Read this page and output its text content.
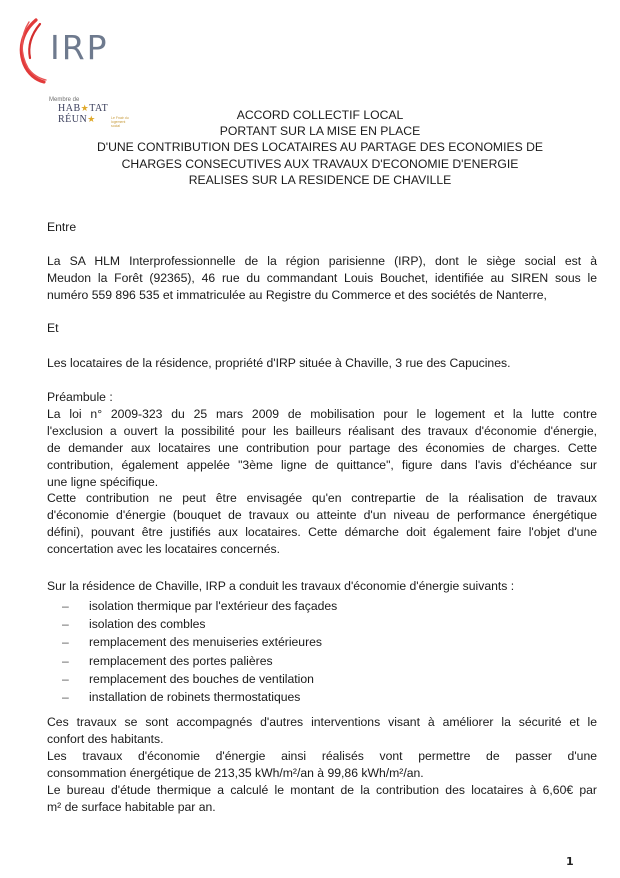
IRP
Membre de
HAB★TAT
RÉUN★	Le Fnair du logement social
ACCORD COLLECTIF LOCAL
PORTANT SUR LA MISE EN PLACE
D'UNE CONTRIBUTION DES LOCATAIRES AU PARTAGE DES ECONOMIES DE
CHARGES CONSECUTIVES AUX TRAVAUX D'ECONOMIE D'ENERGIE
REALISES SUR LA RESIDENCE DE CHAVILLE
Entre
La SA HLM Interprofessionnelle de la région parisienne (IRP), dont le siège social est à
Meudon la Forêt (92365), 46 rue du commandant Louis Bouchet, identifiée au SIREN sous le
numéro 559 896 535 et immatriculée au Registre du Commerce et des sociétés de Nanterre,
Et
Les locataires de la résidence, propriété d'IRP située à Chaville, 3 rue des Capucines.
Préambule :
La loi n° 2009-323 du 25 mars 2009 de mobilisation pour le logement et la lutte contre
l'exclusion a ouvert la possibilité pour les bailleurs réalisant des travaux d'économie d'énergie,
de demander aux locataires une contribution pour partage des économies de charges. Cette
contribution, également appelée "3ème ligne de quittance", figure dans l'avis d'échéance sur
une ligne spécifique.
Cette contribution ne peut être envisagée qu'en contrepartie de la réalisation de travaux
d'économie d'énergie (bouquet de travaux ou atteinte d'un niveau de performance énergétique
défini), pouvant être justifiés aux locataires. Cette démarche doit également faire l'objet d'une
concertation avec les locataires concernés.
Sur la résidence de Chaville, IRP a conduit les travaux d'économie d'énergie suivants :
–	isolation thermique par l'extérieur des façades
–	isolation des combles
–	remplacement des menuiseries extérieures
–	remplacement des portes palières
–	remplacement des bouches de ventilation
–	installation de robinets thermostatiques
Ces travaux se sont accompagnés d'autres interventions visant à améliorer la sécurité et le
confort des habitants.
Les travaux d'économie d'énergie ainsi réalisés vont permettre de passer d'une
consommation énergétique de 213,35 kWh/m²/an à 99,86 kWh/m²/an.
Le bureau d'étude thermique a calculé le montant de la contribution des locataires à 6,60€ par
m² de surface habitable par an.
1
